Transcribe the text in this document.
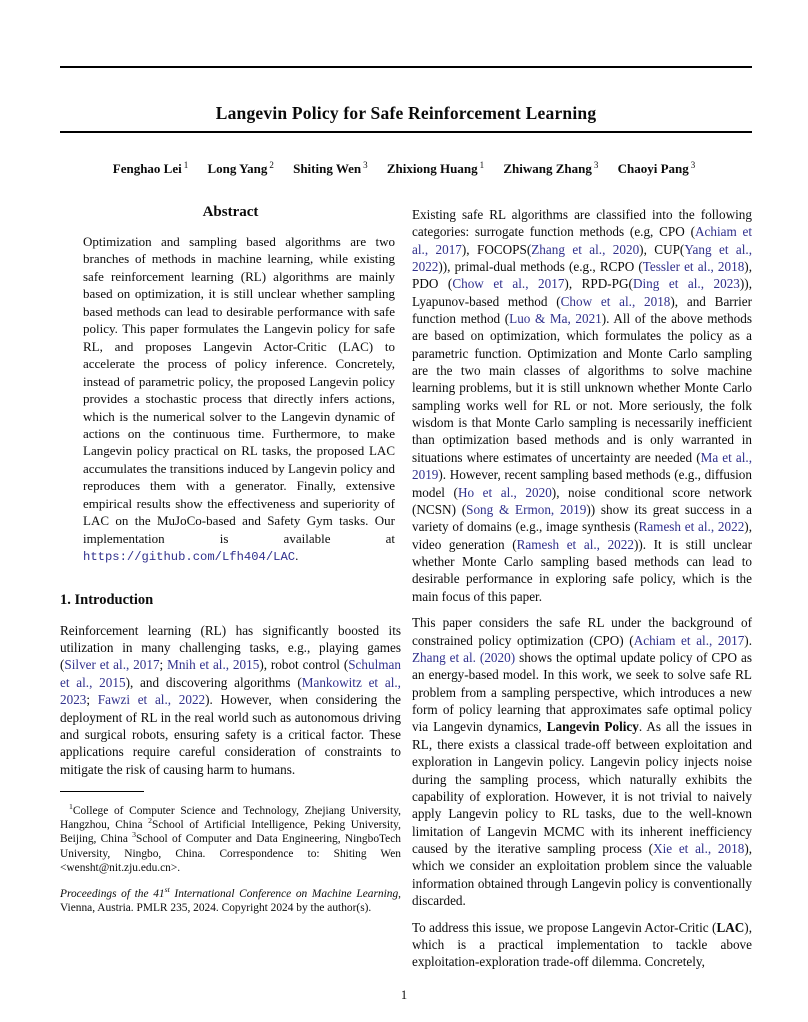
Langevin Policy for Safe Reinforcement Learning
Fenghao Lei $^1$ Long Yang $^2$ Shiting Wen $^3$ Zhixiong Huang $^1$ Zhiwang Zhang $^3$ Chaoyi Pang $^3$
Abstract

Optimization and sampling based algorithms are two branches of methods in machine learning, while existing safe reinforcement learning (RL) algorithms are mainly based on optimization, it is still unclear whether sampling based methods can lead to desirable performance with safe policy. This paper formulates the Langevin policy for safe RL, and proposes Langevin Actor-Critic (LAC) to accelerate the process of policy inference. Concretely, instead of parametric policy, the proposed Langevin policy provides a stochastic process that directly infers actions, which is the numerical solver to the Langevin dynamic of actions on the continuous time. Furthermore, to make Langevin policy practical on RL tasks, the proposed LAC accumulates the transitions induced by Langevin policy and reproduces them with a generator. Finally, extensive empirical results show the effectiveness and superiority of LAC on the MuJoCo-based and Safety Gym tasks. Our implementation is available at https://github.com/Lfh404/LAC.

1. Introduction

Reinforcement learning (RL) has significantly boosted its utilization in many challenging tasks, e.g., playing games (Silver et al., 2017; Mnih et al., 2015), robot control (Schulman et al., 2015), and discovering algorithms (Mankowitz et al., 2023; Fawzi et al., 2022). However, when considering the deployment of RL in the real world such as autonomous driving and surgical robots, ensuring safety is a critical factor. These applications require careful consideration of constraints to mitigate the risk of causing harm to humans.

$^1$College of Computer Science and Technology, Zhejiang University, Hangzhou, China $^2$School of Artificial Intelligence, Peking University, Beijing, China $^3$School of Computer and Data Engineering, NingboTech University, Ningbo, China. Correspondence to: Shiting Wen <wensht@nit.zju.edu.cn>.

Proceedings of the 41st International Conference on Machine Learning, Vienna, Austria. PMLR 235, 2024. Copyright 2024 by the author(s).

Existing safe RL algorithms are classified into the following categories: surrogate function methods (e.g, CPO (Achiam et al., 2017), FOCOPS(Zhang et al., 2020), CUP(Yang et al., 2022)), primal-dual methods (e.g., RCPO (Tessler et al., 2018), PDO (Chow et al., 2017), RPD-PG(Ding et al., 2023)), Lyapunov-based method (Chow et al., 2018), and Barrier function method (Luo & Ma, 2021). All of the above methods are based on optimization, which formulates the policy as a parametric function. Optimization and Monte Carlo sampling are the two main classes of algorithms to solve machine learning problems, but it is still unknown whether Monte Carlo sampling works well for RL or not. More seriously, the folk wisdom is that Monte Carlo sampling is necessarily inefficient than optimization based methods and is only warranted in situations where estimates of uncertainty are needed (Ma et al., 2019). However, recent sampling based methods (e.g., diffusion model (Ho et al., 2020), noise conditional score network (NCSN) (Song & Ermon, 2019)) show its great success in a variety of domains (e.g., image synthesis (Ramesh et al., 2022), video generation (Ramesh et al., 2022)). It is still unclear whether Monte Carlo sampling based methods can lead to desirable performance in exploring safe policy, which is the main focus of this paper.

This paper considers the safe RL under the background of constrained policy optimization (CPO) (Achiam et al., 2017). Zhang et al. (2020) shows the optimal update policy of CPO as an energy-based model. In this work, we seek to solve safe RL problem from a sampling perspective, which introduces a new form of policy learning that approximates safe optimal policy via Langevin dynamics, Langevin Policy. As all the issues in RL, there exists a classical trade-off between exploitation and exploration in Langevin policy. Langevin policy injects noise during the sampling process, which naturally exhibits the capability of exploration. However, it is not trivial to naively apply Langevin policy to RL tasks, due to the well-known limitation of Langevin MCMC with its inherent inefficiency caused by the iterative sampling process (Xie et al., 2018), which we consider an exploitation problem since the valuable information obtained through Langevin policy is conventionally discarded.

To address this issue, we propose Langevin Actor-Critic (LAC), which is a practical implementation to tackle above exploitation-exploration trade-off dilemma. Concretely,

1
